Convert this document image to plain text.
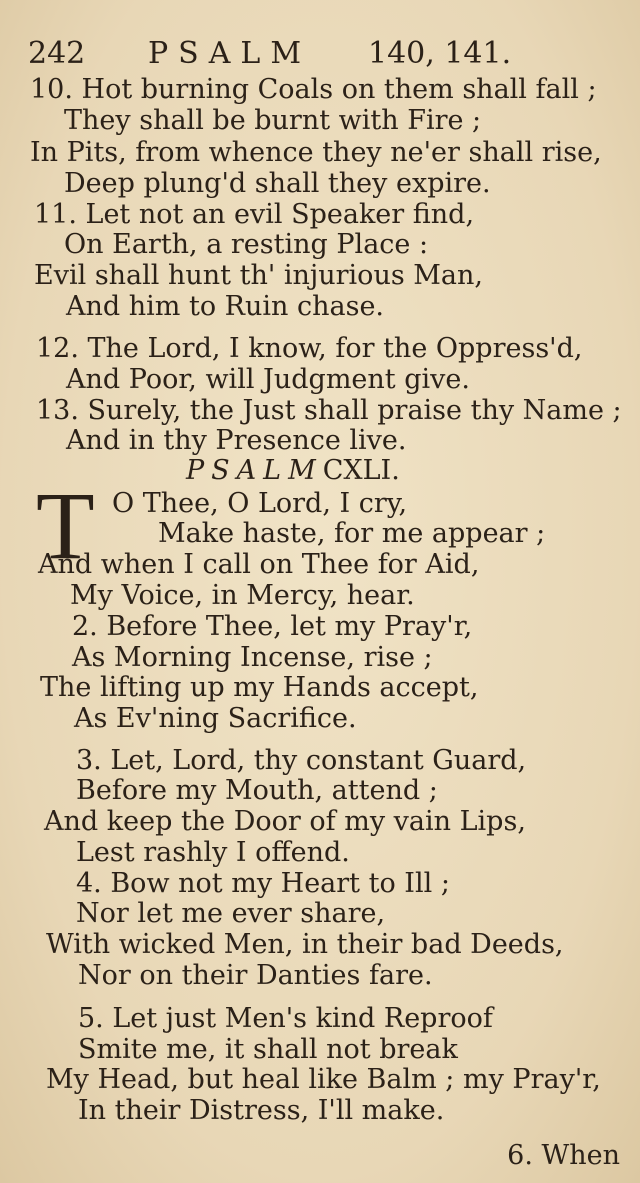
242 PSALM 140, 141.
10. Hot burning Coals on them shall fall ;
They shall be burnt with Fire ;
In Pits, from whence they ne'er shall rise,
Deep plung'd shall they expire.
11. Let not an evil Speaker find,
On Earth, a resting Place :
Evil shall hunt th' injurious Man,
And him to Ruin chase.
12. The Lord, I know, for the Oppress'd,
And Poor, will Judgment give.
13. Surely, the Just shall praise thy Name ;
And in thy Presence live.
PSALMCXLI.
T O Thee, O Lord, I cry,
Make haste, for me appear ;
And when I call on Thee for Aid,
My Voice, in Mercy, hear.
2. Before Thee, let my Pray'r,
As Morning Incense, rise ;
The lifting up my Hands accept,
As Ev'ning Sacrifice.
3. Let, Lord, thy constant Guard,
Before my Mouth, attend ;
And keep the Door of my vain Lips,
Lest rashly I offend.
4. Bow not my Heart to Ill ;
Nor let me ever share,
With wicked Men, in their bad Deeds,
Nor on their Danties fare.
5. Let just Men's kind Reproof
Smite me, it shall not break
My Head, but heal like Balm ; my Pray'r,
In their Distress, I'll make.
6. When
